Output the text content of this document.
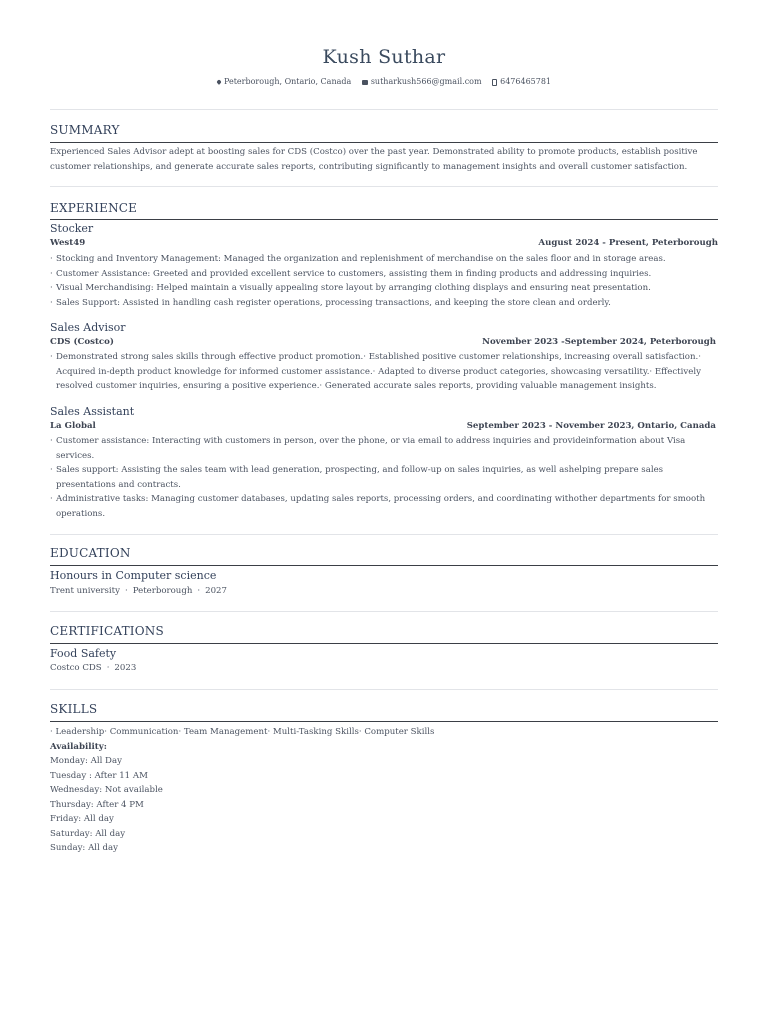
Kush Suthar
Peterborough, Ontario, Canada sutharkush566@gmail.com 6476465781
SUMMARY
Experienced Sales Advisor adept at boosting sales for CDS (Costco) over the past year. Demonstrated ability to promote products, establish positive customer relationships, and generate accurate sales reports, contributing significantly to management insights and overall customer satisfaction.
EXPERIENCE
Stocker
West49	August 2024 - Present, Peterborough
· Stocking and Inventory Management: Managed the organization and replenishment of merchandise on the sales floor and in storage areas.
· Customer Assistance: Greeted and provided excellent service to customers, assisting them in finding products and addressing inquiries.
· Visual Merchandising: Helped maintain a visually appealing store layout by arranging clothing displays and ensuring neat presentation.
· Sales Support: Assisted in handling cash register operations, processing transactions, and keeping the store clean and orderly.
Sales Advisor
CDS (Costco)	November 2023 -September 2024, Peterborough
· Demonstrated strong sales skills through effective product promotion.· Established positive customer relationships, increasing overall satisfaction.· Acquired in-depth product knowledge for informed customer assistance.· Adapted to diverse product categories, showcasing versatility.· Effectively resolved customer inquiries, ensuring a positive experience.· Generated accurate sales reports, providing valuable management insights.
Sales Assistant
La Global	September 2023 - November 2023, Ontario, Canada
· Customer assistance: Interacting with customers in person, over the phone, or via email to address inquiries and provideinformation about Visa services.
· Sales support: Assisting the sales team with lead generation, prospecting, and follow-up on sales inquiries, as well ashelping prepare sales presentations and contracts.
· Administrative tasks: Managing customer databases, updating sales reports, processing orders, and coordinating withother departments for smooth operations.
EDUCATION
Honours in Computer science
Trent university · Peterborough · 2027
CERTIFICATIONS
Food Safety
Costco CDS · 2023
SKILLS
· Leadership· Communication· Team Management· Multi-Tasking Skills· Computer Skills
Availability:
Monday: All Day
Tuesday : After 11 AM
Wednesday: Not available
Thursday: After 4 PM
Friday: All day
Saturday: All day
Sunday: All day
